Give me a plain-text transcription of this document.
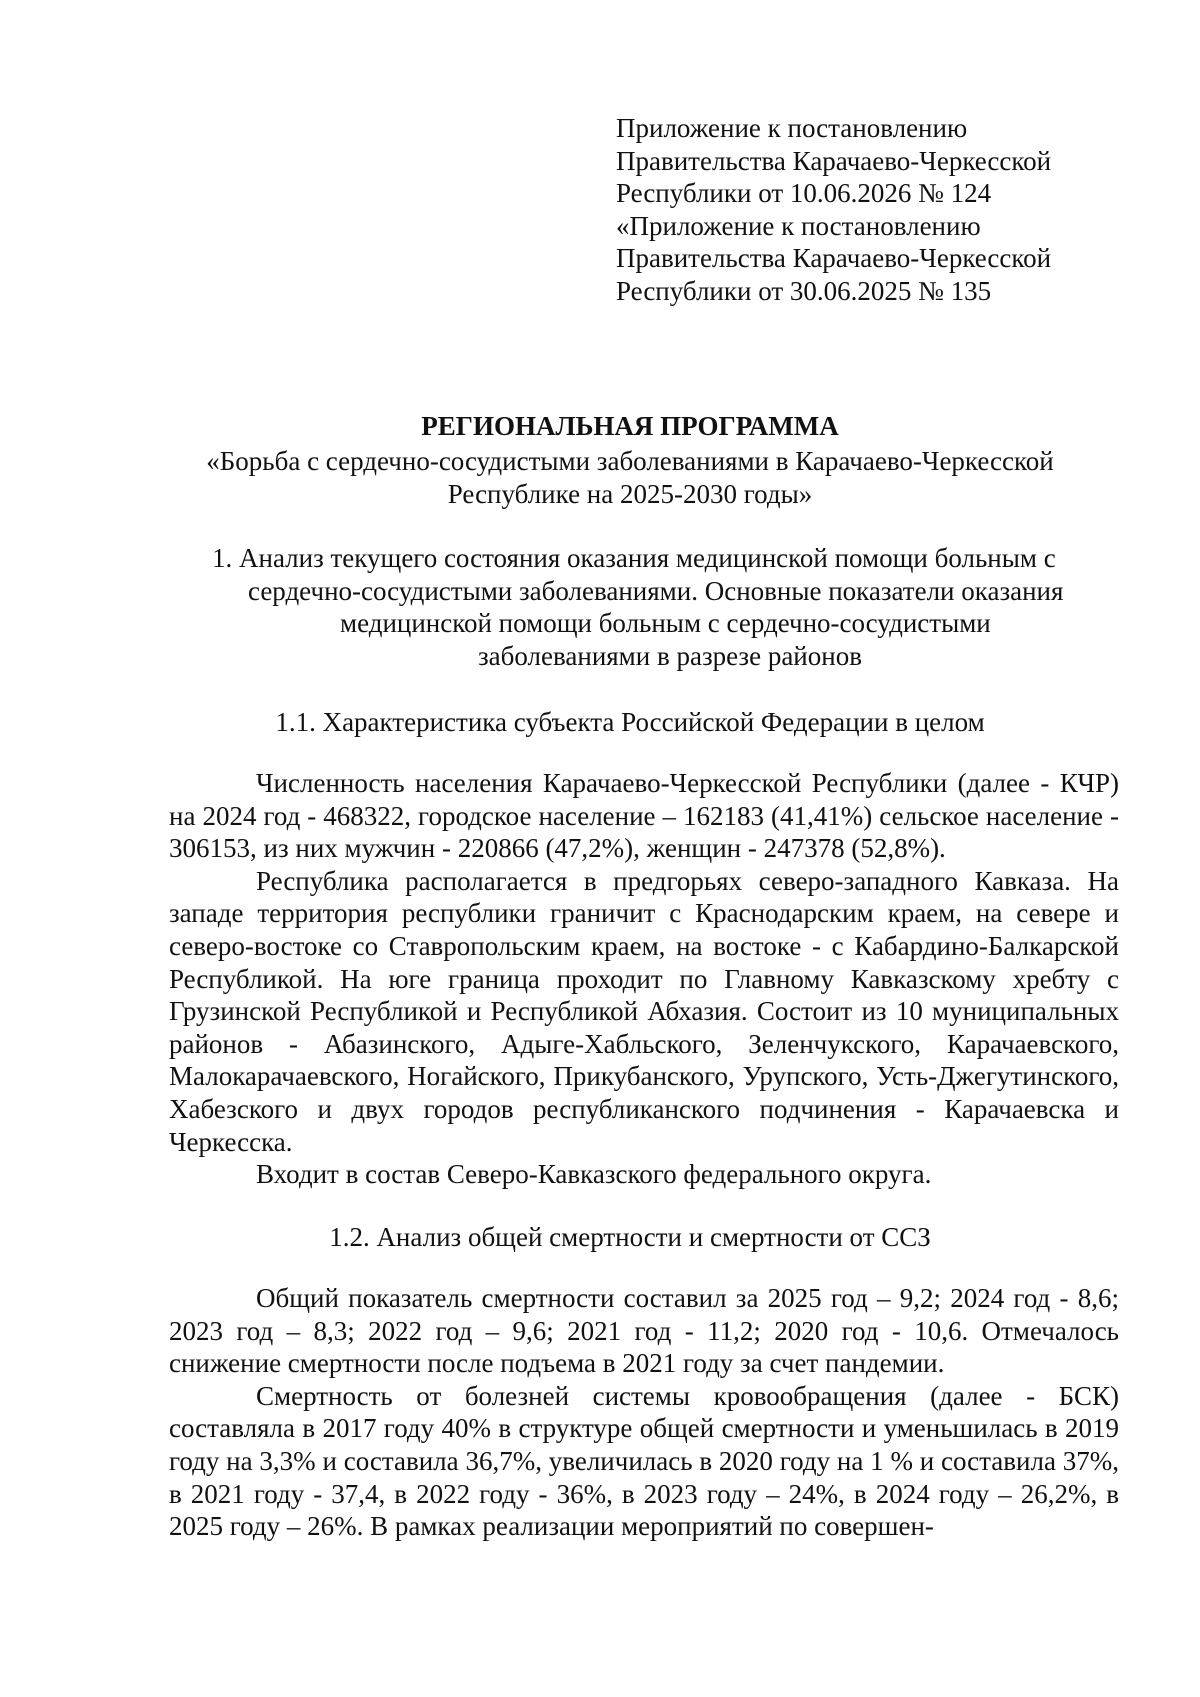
Приложение к постановлению
Правительства Карачаево-Черкесской
Республики от 10.06.2026 № 124
«Приложение к постановлению
Правительства Карачаево-Черкесской
Республики от 30.06.2025 № 135
РЕГИОНАЛЬНАЯ ПРОГРАММА
«Борьба с сердечно-сосудистыми заболеваниями в Карачаево-Черкесской Республике на 2025-2030 годы»
1. Анализ текущего состояния оказания медицинской помощи больным с
сердечно-сосудистыми заболеваниями. Основные показатели оказания
медицинской помощи больным с сердечно-сосудистыми
заболеваниями в разрезе районов
1.1. Характеристика субъекта Российской Федерации в целом

Численность населения Карачаево-Черкесской Республики (далее - КЧР) на 2024 год - 468322, городское население – 162183 (41,41%) сельское население - 306153, из них мужчин - 220866 (47,2%), женщин - 247378 (52,8%).

Республика располагается в предгорьях северо-западного Кавказа. На западе территория республики граничит с Краснодарским краем, на севере и северо-востоке со Ставропольским краем, на востоке - с Кабардино-Балкарской Республикой. На юге граница проходит по Главному Кавказскому хребту с Грузинской Республикой и Республикой Абхазия. Состоит из 10 муниципальных районов - Абазинского, Адыге-Хабльского, Зеленчукского, Карачаевского, Малокарачаевского, Ногайского, Прикубанского, Урупского, Усть-Джегутинского, Хабезского и двух городов республиканского подчинения - Карачаевска и Черкесска.

Входит в состав Северо-Кавказского федерального округа.

1.2. Анализ общей смертности и смертности от ССЗ

Общий показатель смертности составил за 2025 год – 9,2; 2024 год - 8,6; 2023 год – 8,3; 2022 год – 9,6; 2021 год - 11,2; 2020 год - 10,6. Отмечалось снижение смертности после подъема в 2021 году за счет пандемии.

Смертность от болезней системы кровообращения (далее - БСК) составляла в 2017 году 40% в структуре общей смертности и уменьшилась в 2019 году на 3,3% и составила 36,7%, увеличилась в 2020 году на 1 % и составила 37%, в 2021 году - 37,4, в 2022 году - 36%, в 2023 году – 24%, в 2024 году – 26,2%, в 2025 году – 26%. В рамках реализации мероприятий по совершен-
